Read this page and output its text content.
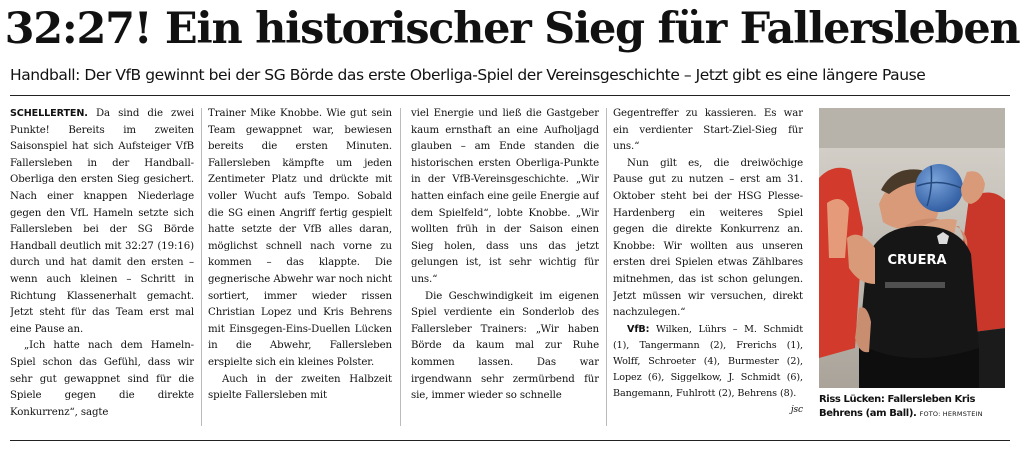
32:27! Ein historischer Sieg für Fallersleben
Handball: Der VfB gewinnt bei der SG Börde das erste Oberliga-Spiel der Vereinsgeschichte – Jetzt gibt es eine längere Pause

SCHELLERTEN. Da sind die zwei Punkte! Bereits im zweiten Saisonspiel hat sich Aufsteiger VfB Fallersleben in der Handball-Oberliga den ersten Sieg gesichert. Nach einer knappen Niederlage gegen den VfL Hameln setzte sich Fallersleben bei der SG Börde Handball deutlich mit 32:27 (19:16) durch und hat damit den ersten – wenn auch kleinen – Schritt in Richtung Klassenerhalt gemacht. Jetzt steht für das Team erst mal eine Pause an.

„Ich hatte nach dem Hameln-Spiel schon das Gefühl, dass wir sehr gut gewappnet sind für die Spiele gegen die direkte Konkurrenz“, sagte

Trainer Mike Knobbe. Wie gut sein Team gewappnet war, bewiesen bereits die ersten Minuten. Fallersleben kämpfte um jeden Zentimeter Platz und drückte mit voller Wucht aufs Tempo. Sobald die SG einen Angriff fertig gespielt hatte setzte der VfB alles daran, möglichst schnell nach vorne zu kommen – das klappte. Die gegnerische Abwehr war noch nicht sortiert, immer wieder rissen Christian Lopez und Kris Behrens mit Einsgegen-Eins-Duellen Lücken in die Abwehr, Fallersleben erspielte sich ein kleines Polster.

Auch in der zweiten Halbzeit spielte Fallersleben mit

viel Energie und ließ die Gastgeber kaum ernsthaft an eine Aufholjagd glauben – am Ende standen die historischen ersten Oberliga-Punkte in der VfB-Vereinsgeschichte. „Wir hatten einfach eine geile Energie auf dem Spielfeld“, lobte Knobbe. „Wir wollten früh in der Saison einen Sieg holen, dass uns das jetzt gelungen ist, ist sehr wichtig für uns.“

Die Geschwindigkeit im eigenen Spiel verdiente ein Sonderlob des Fallersleber Trainers: „Wir haben Börde da kaum mal zur Ruhe kommen lassen. Das war irgendwann sehr zermürbend für sie, immer wieder so schnelle

Gegentreffer zu kassieren. Es war ein verdienter Start-Ziel-Sieg für uns.“

Nun gilt es, die dreiwöchige Pause gut zu nutzen – erst am 31. Oktober steht bei der HSG Plesse-Hardenberg ein weiteres Spiel gegen die direkte Konkurrenz an. Knobbe: Wir wollten aus unseren ersten drei Spielen etwas Zählbares mitnehmen, das ist schon gelungen. Jetzt müssen wir versuchen, direkt nachzulegen.“

VfB: Wilken, Lührs – M. Schmidt (1), Tangermann (2), Frerichs (1), Wolff, Schroeter (4), Burmester (2), Lopez (6), Siggelkow, J. Schmidt (6), Bangemann, Fuhlrott (2), Behrens (8).
jsc

CRUERA
Riss Lücken: Fallersleben Kris Behrens (am Ball). FOTO: HERMSTEIN
